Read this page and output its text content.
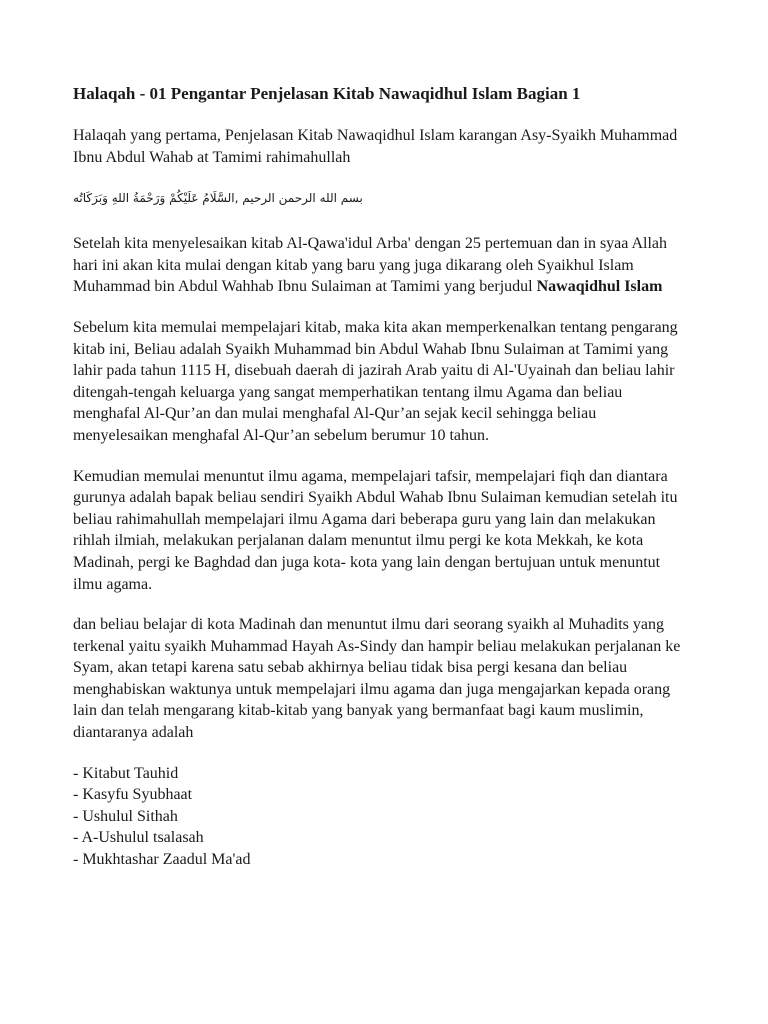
Halaqah - 01 Pengantar Penjelasan Kitab Nawaqidhul Islam Bagian 1

Halaqah yang pertama, Penjelasan Kitab Nawaqidhul Islam karangan Asy-Syaikh Muhammad Ibnu Abdul Wahab at Tamimi rahimahullah

بسم الله الرحمن الرحيم ,السَّلَامُ عَلَيْكُمْ وَرَحْمَةُ اللهِ وَبَرَكَاتُه

Setelah kita menyelesaikan kitab Al-Qawa'idul Arba' dengan 25 pertemuan dan in syaa Allah hari ini akan kita mulai dengan kitab yang baru yang juga dikarang oleh Syaikhul Islam Muhammad bin Abdul Wahhab Ibnu Sulaiman at Tamimi yang berjudul Nawaqidhul Islam

Sebelum kita memulai mempelajari kitab, maka kita akan memperkenalkan tentang pengarang kitab ini, Beliau adalah Syaikh Muhammad bin Abdul Wahab Ibnu Sulaiman at Tamimi yang lahir pada tahun 1115 H, disebuah daerah di jazirah Arab yaitu di Al-'Uyainah dan beliau lahir ditengah-tengah keluarga yang sangat memperhatikan tentang ilmu Agama dan beliau menghafal Al-Qur’an dan mulai menghafal Al-Qur’an sejak kecil sehingga beliau menyelesaikan menghafal Al-Qur’an sebelum berumur 10 tahun.

Kemudian memulai menuntut ilmu agama, mempelajari tafsir, mempelajari fiqh dan diantara gurunya adalah bapak beliau sendiri Syaikh Abdul Wahab Ibnu Sulaiman kemudian setelah itu beliau rahimahullah mempelajari ilmu Agama dari beberapa guru yang lain dan melakukan rihlah ilmiah, melakukan perjalanan dalam menuntut ilmu pergi ke kota Mekkah, ke kota Madinah, pergi ke Baghdad dan juga kota- kota yang lain dengan bertujuan untuk menuntut ilmu agama.

dan beliau belajar di kota Madinah dan menuntut ilmu dari seorang syaikh al Muhadits yang terkenal yaitu syaikh Muhammad Hayah As-Sindy dan hampir beliau melakukan perjalanan ke Syam, akan tetapi karena satu sebab akhirnya beliau tidak bisa pergi kesana dan beliau menghabiskan waktunya untuk mempelajari ilmu agama dan juga mengajarkan kepada orang lain dan telah mengarang kitab-kitab yang banyak yang bermanfaat bagi kaum muslimin, diantaranya adalah

- Kitabut Tauhid
- Kasyfu Syubhaat
- Ushulul Sithah
- A-Ushulul tsalasah
- Mukhtashar Zaadul Ma'ad
